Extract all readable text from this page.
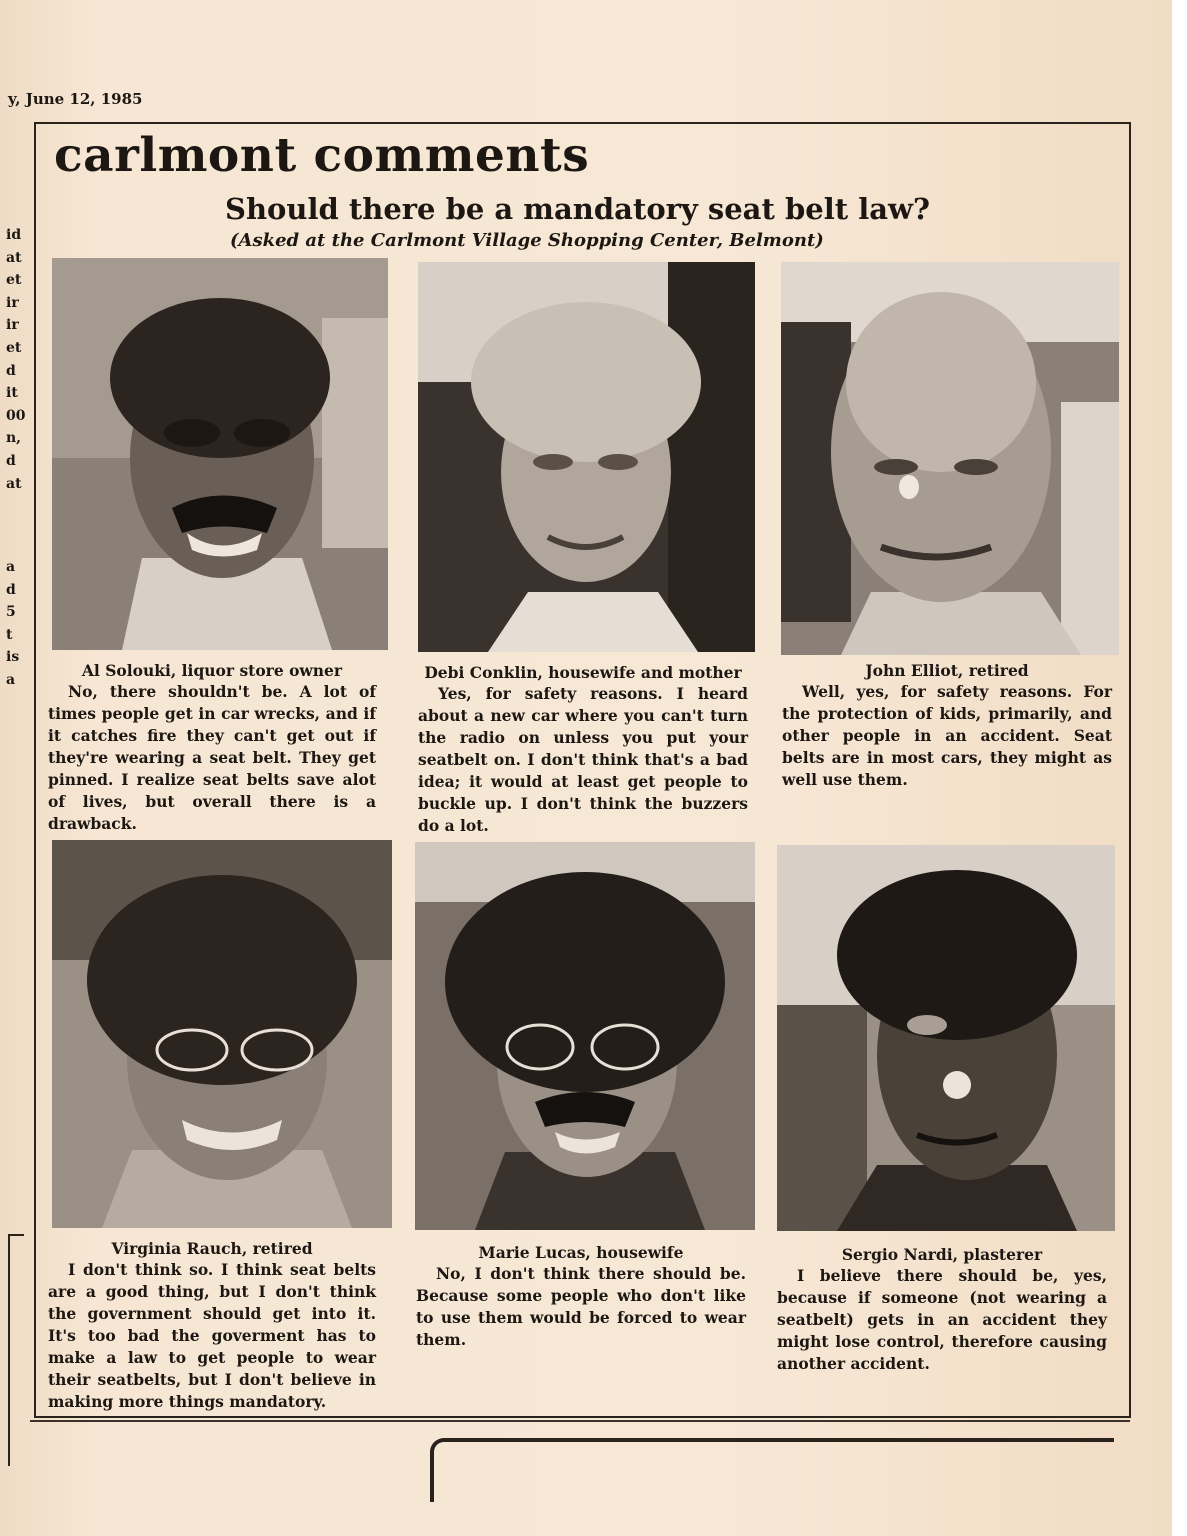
y, June 12, 1985
id
at
et
ir
ir
et
d
it
00
n,
d
at
a
d
5
t
is
a
carlmont comments
Should there be a mandatory seat belt law?
(Asked at the Carlmont Village Shopping Center, Belmont)
Al Solouki, liquor store owner
No, there shouldn't be. A lot of times people get in car wrecks, and if it catches fire they can't get out if they're wearing a seat belt. They get pinned. I realize seat belts save alot of lives, but overall there is a drawback.
Debi Conklin, housewife and mother
Yes, for safety reasons. I heard about a new car where you can't turn the radio on unless you put your seatbelt on. I don't think that's a bad idea; it would at least get people to buckle up. I don't think the buzzers do a lot.
John Elliot, retired
Well, yes, for safety reasons. For the protection of kids, primarily, and other people in an accident. Seat belts are in most cars, they might as well use them.
Virginia Rauch, retired
I don't think so. I think seat belts are a good thing, but I don't think the government should get into it. It's too bad the goverment has to make a law to get people to wear their seatbelts, but I don't believe in making more things mandatory.
Marie Lucas, housewife
No, I don't think there should be. Because some people who don't like to use them would be forced to wear them.
Sergio Nardi, plasterer
I believe there should be, yes, because if someone (not wearing a seatbelt) gets in an accident they might lose control, therefore causing another accident.
